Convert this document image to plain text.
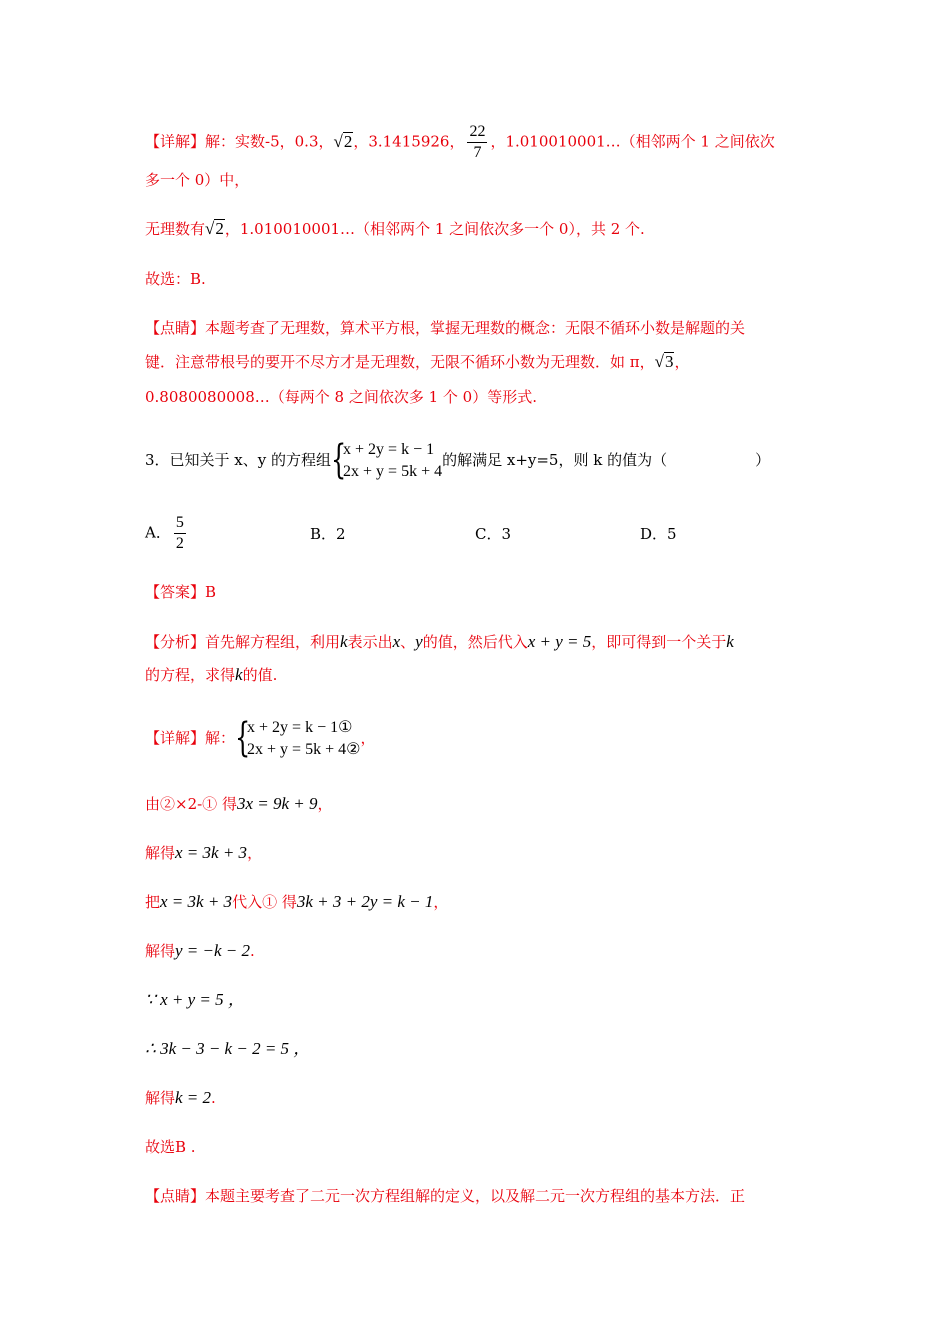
【详解】解：实数-5，0.3，√2，3.1415926， $\frac{22}{7}$ ，1.010010001…（相邻两个 1 之间依次
多一个 0）中，
无理数有√2，1.010010001…（相邻两个 1 之间依次多一个 0），共 2 个.
故选：B.
【点睛】本题考查了无理数，算术平方根，掌握无理数的概念：无限不循环小数是解题的关
键．注意带根号的要开不尽方才是无理数，无限不循环小数为无理数．如 π，√3，
0.8080080008…（每两个 8 之间依次多 1 个 0）等形式.
3．已知关于 x、y 的方程组 {
x + 2y = k − 1
2x + y = 5k + 4
的解满足 x+y=5，则 k 的值为（	）
A． $\frac{5}{2}$	B．2	C．3	D．5
【答案】B
【分析】首先解方程组，利用k表示出x、y的值，然后代入x + y = 5，即可得到一个关于k
的方程，求得k的值.
【详解】解： {
x + 2y = k − 1①
2x + y = 5k + 4②
，
由②×2-① 得3x = 9k + 9，
解得x = 3k + 3，
把x = 3k + 3代入① 得3k + 3 + 2y = k − 1，
解得y = −k − 2.
∵ x + y = 5 ，
∴ 3k − 3 − k − 2 = 5 ，
解得k = 2.
故选B .
【点睛】本题主要考查了二元一次方程组解的定义，以及解二元一次方程组的基本方法．正
